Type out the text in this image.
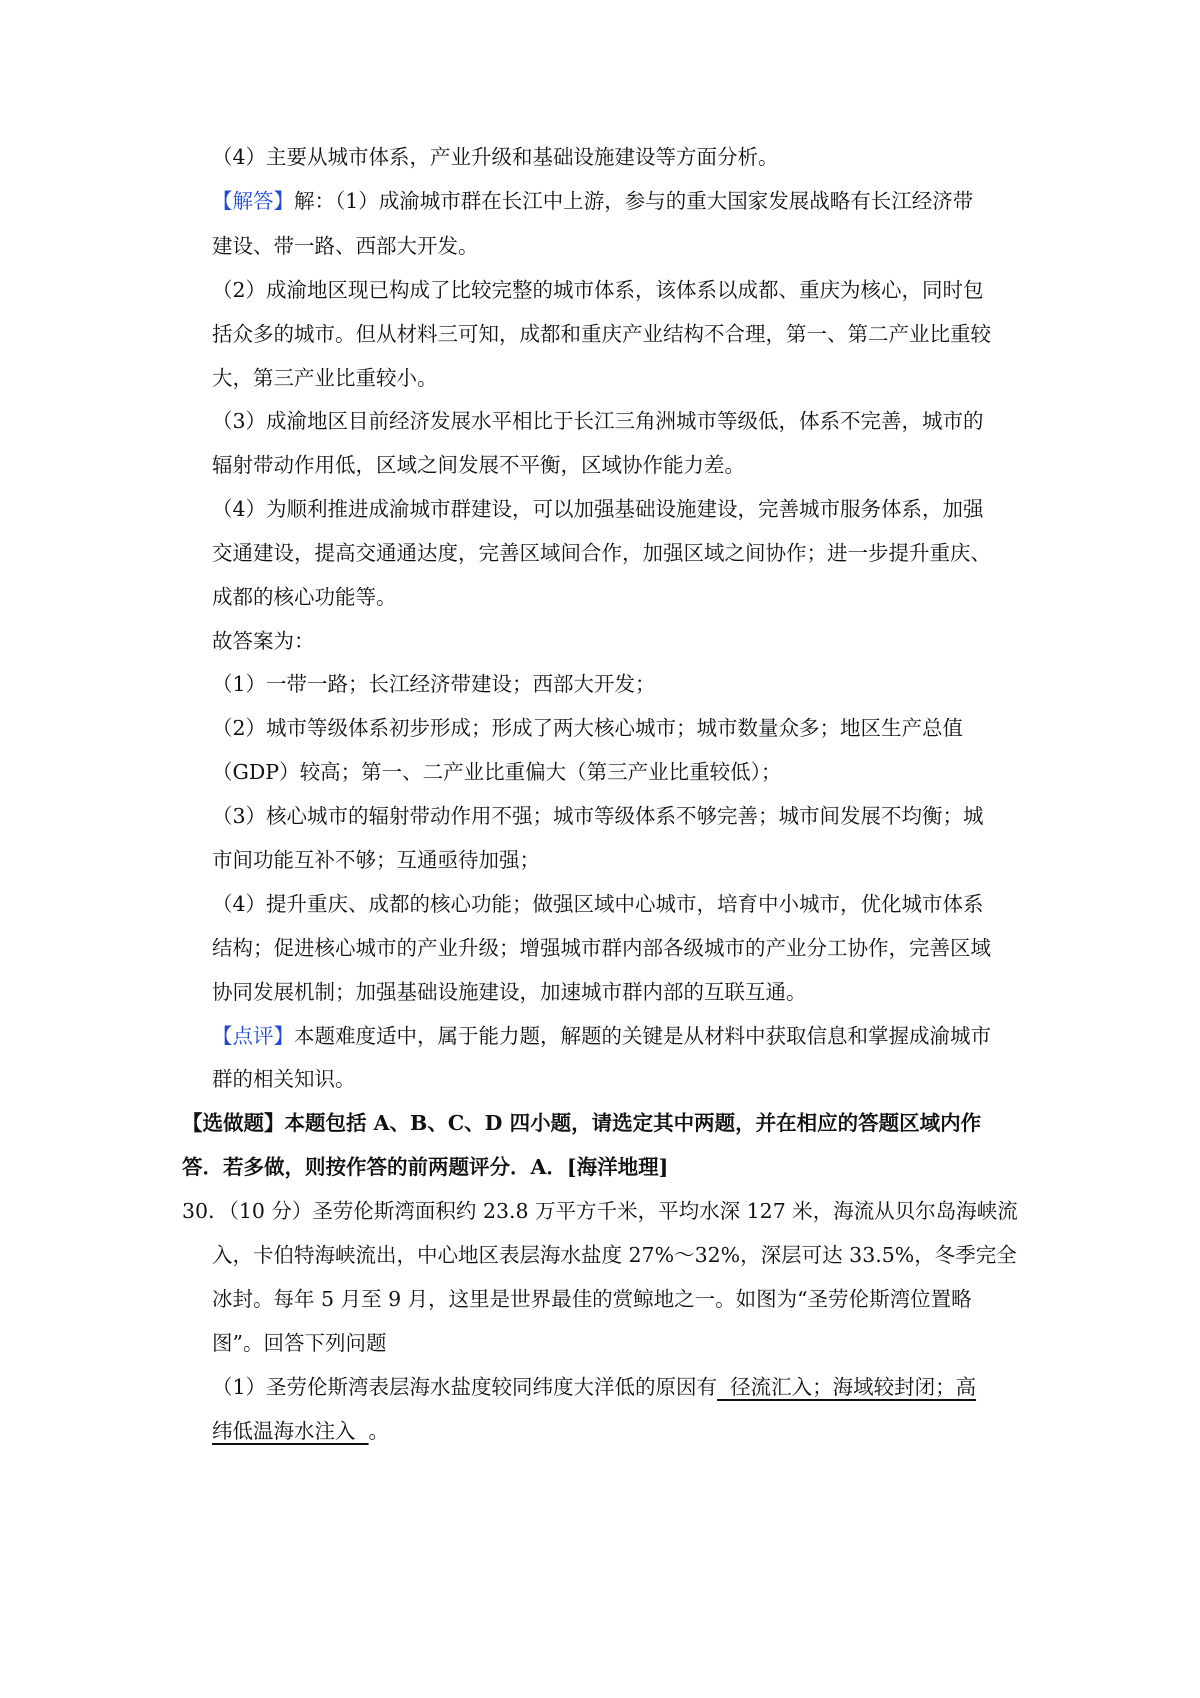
（4）主要从城市体系，产业升级和基础设施建设等方面分析。
【解答】解：（1）成渝城市群在长江中上游，参与的重大国家发展战略有长江经济带
建设、带一路、西部大开发。
（2）成渝地区现已构成了比较完整的城市体系，该体系以成都、重庆为核心，同时包
括众多的城市。但从材料三可知，成都和重庆产业结构不合理，第一、第二产业比重较
大，第三产业比重较小。
（3）成渝地区目前经济发展水平相比于长江三角洲城市等级低，体系不完善，城市的
辐射带动作用低，区域之间发展不平衡，区域协作能力差。
（4）为顺利推进成渝城市群建设，可以加强基础设施建设，完善城市服务体系，加强
交通建设，提高交通通达度，完善区域间合作，加强区域之间协作；进一步提升重庆、
成都的核心功能等。
故答案为：
（1）一带一路；长江经济带建设；西部大开发；
（2）城市等级体系初步形成；形成了两大核心城市；城市数量众多；地区生产总值
（GDP）较高；第一、二产业比重偏大（第三产业比重较低）；
（3）核心城市的辐射带动作用不强；城市等级体系不够完善；城市间发展不均衡；城
市间功能互补不够；互通亟待加强；
（4）提升重庆、成都的核心功能；做强区域中心城市，培育中小城市，优化城市体系
结构；促进核心城市的产业升级；增强城市群内部各级城市的产业分工协作，完善区域
协同发展机制；加强基础设施建设，加速城市群内部的互联互通。
【点评】本题难度适中，属于能力题，解题的关键是从材料中获取信息和掌握成渝城市
群的相关知识。
【选做题】本题包括 A、B、C、D 四小题，请选定其中两题，并在相应的答题区域内作
答．若多做，则按作答的前两题评分．A．[海洋地理]
30．（10 分）圣劳伦斯湾面积约 23.8 万平方千米，平均水深 127 米，海流从贝尔岛海峡流
入，卡伯特海峡流出，中心地区表层海水盐度 27%～32%，深层可达 33.5%，冬季完全
冰封。每年 5 月至 9 月，这里是世界最佳的赏鲸地之一。如图为“圣劳伦斯湾位置略
图”。回答下列问题
（1）圣劳伦斯湾表层海水盐度较同纬度大洋低的原因有  径流汇入；海域较封闭；高
纬低温海水注入  。
